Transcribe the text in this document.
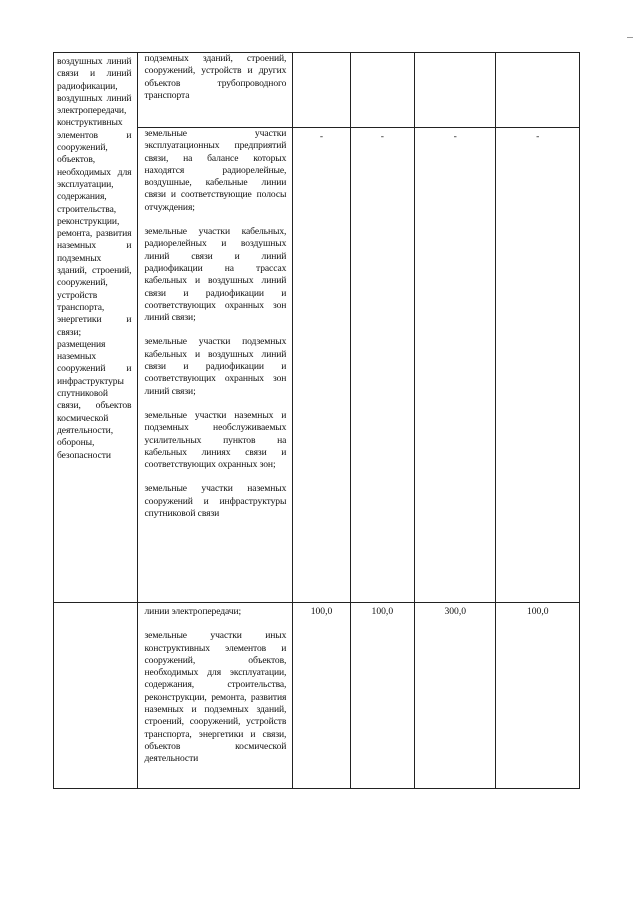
воздушных линий связи и линий радиофикации, воздушных линий электропередачи, конструктивных элементов и сооружений, объектов, необходимых для эксплуатации, содержания, строительства, реконструкции, ремонта, развития наземных и подземных зданий, строений, сооружений, устройств транспорта, энергетики и связи; размещения наземных сооружений и инфраструктуры спутниковой связи, объектов космической деятельности, обороны, безопасности	подземных зданий, строений, сооружений, устройств и других объектов трубопроводного транспорта				

	земельные участки эксплуатационных предприятий связи, на балансе которых находятся радиорелейные, воздушные, кабельные линии связи и соответствующие полосы отчуждения;
земельные участки кабельных, радиорелейных и воздушных линий связи и линий радиофикации на трассах кабельных и воздушных линий связи и радиофикации и соответствующих охранных зон линий связи;
земельные участки подземных кабельных и воздушных линий связи и радиофикации и соответствующих охранных зон линий связи;
земельные участки наземных и подземных необслуживаемых усилительных пунктов на кабельных линиях связи и соответствующих охранных зон;
земельные участки наземных сооружений и инфраструктуры спутниковой связи	-	-	-	-

	линии электропередачи;
земельные участки иных конструктивных элементов и сооружений, объектов, необходимых для эксплуатации, содержания, строительства, реконструкции, ремонта, развития наземных и подземных зданий, строений, сооружений, устройств транспорта, энергетики и связи, объектов космической деятельности	100,0	100,0	300,0	100,0
